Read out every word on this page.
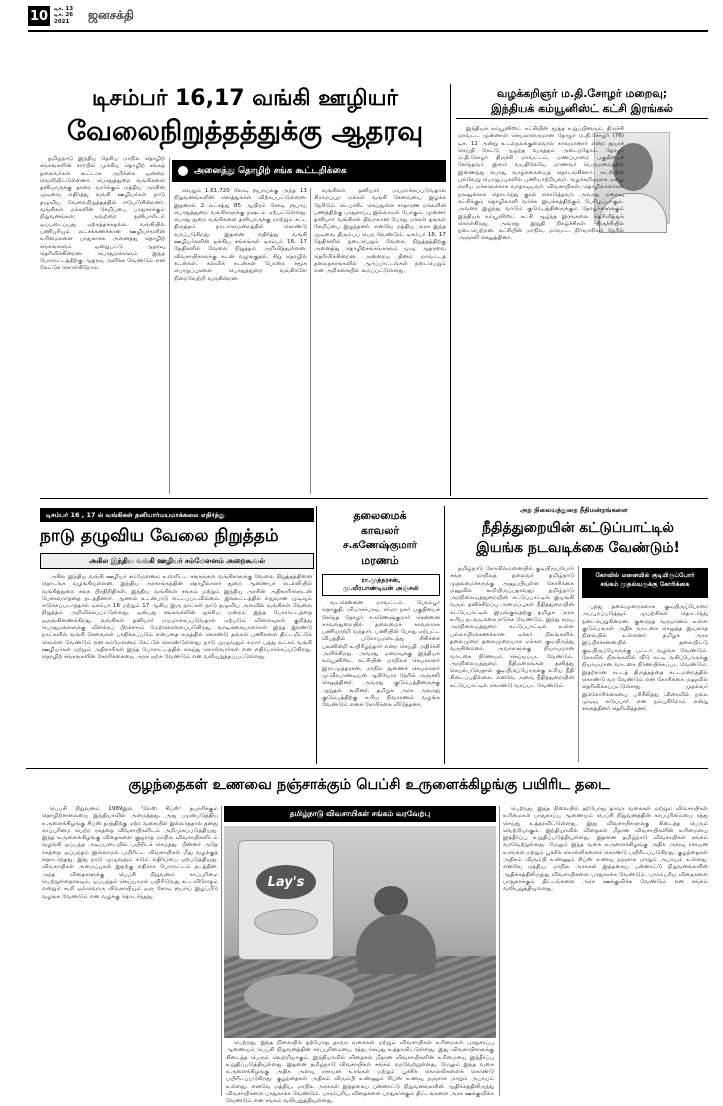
10	டிச. 13
டிச. 26
2021	ஜனசக்தி
டிசம்பர் 16,17 வங்கி ஊழியர்
வேலைநிறுத்தத்துக்கு ஆதரவு

தமிழ்நாடு இந்திய தேசிய மாநில தொழிற் சங்கங்களின் சார்பில் முக்கிய தொழிற் சங்கத் தலைவர்கள் கூட்டாக அறிக்கை ஒன்றை வெளியிட்டுள்ளனர். பொதுத்துறை வங்கிகளை தனியாருக்கு தாரை வார்க்கும் மத்திய அரசின் முடிவை எதிர்த்து வங்கி ஊழியர்கள் நாடு தழுவிய வேலைநிறுத்தத்தில் ஈடுபடுகின்றனர். வங்கிகள் மக்களின் சேமிப்பை பாதுகாக்கும் நிறுவனங்கள்; அவற்றை தனியாரிடம் ஒப்படைப்பது ஏற்கத்தக்கதல்ல. வங்கியில் பணிபுரியும் லட்சக்கணக்கான ஊழியர்களின் உரிமைகளை பாதுகாக்க அனைத்து தொழிற் சங்கங்களும் ஒன்றுபட்டு ஆதரவு தெரிவிக்கின்றன. பொதுமக்களும் இந்த போராட்டத்திற்கு ஆதரவு அளிக்க வேண்டும் என கேட்டுக் கொள்கிறோம்.

அனைத்து தொழிற் சங்க கூட்டறிக்கை

வெறும் 1,61,720 கோடி ரூபாய்க்கு அந்த 13 நிறுவனங்களின் சொத்துக்கள் விற்கப்பட்டுள்ளன. இதனால் 2 லட்சத்து 85 ஆயிரம் கோடி ரூபாய் பொதுத்துறை வங்கிகளுக்கு நஷ்டம் ஏற்பட்டுள்ளது. பொது துறை வங்கிகளை தனியாருக்கு மாற்றும் சட்ட திருத்தம் நாடாளுமன்றத்தில் கொண்டு வரப்படுகிறது. இதனை எதிர்த்து வங்கி ஊழியர்களின் ஐக்கிய சங்கங்கள் டிசம்பர் 16, 17 தேதிகளில் வேலை நிறுத்தம் அறிவித்துள்ளன. விவசாயிகளுக்கு கடன் வழங்குதல், சிறு தொழில் கடன்கள், கல்விக் கடன்கள் போன்ற சமூக பொறுப்புகளை பொதுத்துறை வங்கிகளே நிறைவேற்றி வருகின்றன.

வங்கிகள் தனியார் மயமாக்கப்படுவதால் கிராமப்புற மக்கள் வங்கி சேவையை இழக்க நேரிடும். டெபாசிட் செய்துள்ள சாதாரண மக்களின் பணத்திற்கு பாதுகாப்பு இல்லாமல் போகும். முன்னர் தனியார் வங்கிகள் திவாலான போது மக்கள் தங்கள் சேமிப்பை இழந்தனர். எனவே மத்திய அரசு இந்த முடிவை திரும்பப் பெற வேண்டும். டிசம்பர் 16, 17 தேதிகளில் நடைபெறும் வேலை நிறுத்தத்திற்கு அனைத்து தொழிற்சங்கங்களும் முழு ஆதரவை தெரிவிக்கின்றன. அன்றைய தினம் மாவட்டத் தலைநகரங்களில் ஆர்ப்பாட்டங்கள் நடைபெறும் என அறிக்கையில் கூறப்பட்டுள்ளது.

வழக்கறிஞர் ம.தி.சோழர் மறைவு;
இந்தியக் கம்யூனிஸ்ட் கட்சி இரங்கல்

இந்தியக் கம்யூனிஸ்ட் கட்சியின் மூத்த உறுப்பினரும், திருச்சி மாவட்ட முன்னாள் செயலாளருமான தோழர் ம.தி.சோழர் (76) டிச. 12 அன்று உடல்நலக்குறைவால் காலமானார் என்ற துயரச் செய்தி கேட்டு ஆழ்ந்த வருத்தம் அடைந்தோம். தோழர் ம.தி.சோழர் திருச்சி மாவட்டம், மணப்பாறை பகுதியைச் சேர்ந்தவர். இளம் வயதிலேயே மாணவர் பெருமன்றத்தில் இணைந்து பொது வாழ்க்கையைத் தொடங்கினார். கட்சியின் பல்வேறு பொறுப்புகளில் பணியாற்றியவர். வழக்கறிஞராக ஏழை எளிய மக்களுக்காக வாதாடியவர். விவசாயிகள், தொழிலாளர்கள் நலனுக்காக தொடர்ந்து குரல் கொடுத்தவர். அவரது மறைவு கட்சிக்கும் தொழிலாளி வர்க்க இயக்கத்திற்கும் பேரிழப்பாகும். அவரை இழந்து வாடும் குடும்பத்தினருக்கும் தோழர்களுக்கும் இந்தியக் கம்யூனிஸ்ட் கட்சி ஆழ்ந்த இரங்கலை தெரிவித்துக் கொள்கிறது. அவரது இறுதி நிகழ்ச்சிகள் திருச்சியில் நடைபெற்றன. கட்சியின் மாநில, மாவட்ட நிர்வாகிகள் நேரில் அஞ்சலி செலுத்தினர்.

டிசம்பர் 16 , 17 ல் வங்கிகள் தனியார்மயமாக்கலை எதிர்த்து
நாடு தழுவிய வேலை நிறுத்தம்
அகில இந்திய வங்கி ஊழியர் சம்மேளனம் அறைகூவல்

அகில இந்திய வங்கி ஊழியர் சம்மேளனம் உள்ளிட்ட சங்கங்கள் வங்கிகளுக்கு வேலை நிறுத்தத்தினை தொடங்க வழங்கியுள்ளன. இந்திய அரசாங்கத்தின் தொழிலாளர் துறை ஆணையர் டெல்லியில் வங்கித்துறை சங்க பிரதிநிதிகள், இந்திய வங்கிகள் சங்கம் மற்றும் இந்திய அரசின் அதிகாரிகளுடன் பேச்சுவார்த்தை நடத்தினார். ஆனால் உடன்பாடு எட்டப்படவில்லை. இக்கூட்டத்தில் எதுவான முடிவும் எடுக்கப்படாததால் டிசம்பர் 16 மற்றும் 17 ஆகிய இரு நாட்கள் நாடு தழுவிய அளவில் வங்கிகள் வேலை நிறுத்தம் அறிவிக்கப்பட்டுள்ளது. ஒன்பது சங்கங்களின் ஐக்கிய மன்றம் இந்த போராட்டத்தை ஒருங்கிணைக்கிறது. வங்கிகள் தனியார் மயமாக்கப்படுவதால் ஏற்படும் விளைவுகள் குறித்து பொதுமக்களுக்கு விளக்கப் பிரச்சாரம் மேற்கொள்ளப்படுகிறது. வாடிக்கையாளர்கள் இந்த இரண்டு நாட்களில் வங்கி சேவைகள் பாதிக்கப்படும் என்பதை கருத்தில் கொண்டு தங்கள் பணிகளை திட்டமிட்டுக் கொள்ள வேண்டும் என சம்மேளனம் கேட்டுக் கொண்டுள்ளது. நாடு முழுவதும் சுமார் பத்து லட்சம் வங்கி ஊழியர்கள் மற்றும் அதிகாரிகள் இந்த போராட்டத்தில் கலந்து கொள்வார்கள் என எதிர்பார்க்கப்படுகிறது. தொழிற் சங்கங்களின் கோரிக்கையை அரசு ஏற்க வேண்டும் என வலியுறுத்தப்பட்டுள்ளது.

தலைமைக்
காவலர்
ச.கணேஷ்குமார்
மரணம்
ரா.முத்தரசன்,
மு.வீரபாண்டியன் அஞ்சலி

வடசென்னை மாவட்டம், பேரம்பூர் தொகுதி, வியாசர்பாடி, சர்மா நகர் பகுதியைச் சேர்ந்த தோழர் ச.கணேஷ்குமார் சென்னை காவல்துறையில் தலைமைக் காவலராக பணியாற்றி வந்தார். பணியின் போது ஏற்பட்ட விபத்தில் படுகாயமடைந்து சிகிச்சை பலனின்றி உயிரிழந்தார் என்ற செய்தி அதிர்ச்சி அளிக்கிறது. அவரது மறைவுக்கு இந்தியக் கம்யூனிஸ்ட் கட்சியின் மாநிலச் செயலாளர் இரா.முத்தரசன், மாநில துணைச் செயலாளர் மு.வீரபாண்டியன் ஆகியோர் நேரில் அஞ்சலி செலுத்தினர். அவரது குடும்பத்தினருக்கு ஆறுதல் கூறினர். தமிழக அரசு அவரது குடும்பத்திற்கு உரிய நிவாரணம் வழங்க வேண்டும் எனக் கோரிக்கை விடுத்தனர்.

அற நிலையத்துறை நீதிமன்றங்களை
நீதித்துறையின் கட்டுப்பாட்டில்
இயங்க நடவடிக்கை வேண்டும்!

தமிழ்நாடு கோவில்மனையில் குடியிருப்போர் சங்க மாநிலத் தலைவர் தமிழ்நாடு முதலமைச்சருக்கு அனுப்பியுள்ள கோரிக்கை மனுவில் கூறியிருப்பதாவது: தமிழ்நாடு அறநிலையத்துறையின் கட்டுப்பாட்டில் இயங்கி வரும் தனிச்சிறப்பு அமைப்புகள் நீதித்துறையின் கட்டுப்பாட்டில் இயங்குவதற்கு தமிழக அரசு உரிய நடவடிக்கை எடுக்க வேண்டும். இந்து சமய அறநிலையத்துறை கட்டுப்பாட்டில் உள்ள பல்லாயிரக்கணக்கான ஏக்கர் நிலங்களில் தலைமுறை தலைமுறையாக மக்கள் குடியிருந்து வருகின்றனர். அவர்களுக்கு நியாயமான வாடகை நிர்ணயம் செய்யப்பட வேண்டும். அறநிலையத்துறை நீதிமன்றங்கள் தனித்து செயல்படுவதால் குடியிருப்போருக்கு உரிய நீதி கிடைப்பதில்லை. எனவே அவை நீதித்துறையின் கட்டுப்பாட்டில் கொண்டு வரப்பட வேண்டும்.

கோவில் மனையில் குடியிருப்போர் சங்கம் முதல்வருக்கு கோரிக்கை

பத்து தலைமுறைகளாக குடியிருப்போரை அப்புறப்படுத்தும் முயற்சிகள் தொடர்ந்து நடைபெறுகின்றன. குறைந்த வருமானம் உள்ள குடும்பங்கள் அதிக வாடகை செலுத்த இயலாத நிலையில் உள்ளனர். தமிழக அரசு இப்பிரச்சனையில் தலையிட்டு குடியிருப்போருக்கு பட்டா வழங்க வேண்டும். கோவில் நிலங்களில் வீடு கட்டி வசிப்போருக்கு நியாயமான வாடகை நிர்ணயிக்கப்பட வேண்டும். இதற்கான சட்டத் திருத்தத்தை சட்டமன்றத்தில் கொண்டு வர வேண்டும் என கோரிக்கை மனுவில் தெரிவிக்கப்பட்டுள்ளது. முதல்வர் இக்கோரிக்கையை பரிசீலித்து விரைவில் நல்ல முடிவு எடுப்பார் என நம்புகிறோம் என்று சங்கத்தினர் தெரிவித்தனர்.

குழந்தைகள் உணவை நஞ்சாக்கும் பெப்சி உருளைக்கிழங்கு பயிரிட தடை

பெப்சி நிறுவனம் 1989இல் 'லேஸ் சிப்ஸ்' தயாரிக்கும் தொழிற்சாலையை இந்தியாவில் அமைத்தது. அது பயன்படுத்திய உருளைக்கிழங்கு சிப்ஸ் தரத்திற்கு ஏற்ற வகையில் இல்லாததால் தனது காப்புரிமை பெற்ற ரகத்தை விவசாயிகளிடம் அறிமுகப்படுத்தியது. இந்த உருளைக்கிழங்கு விதைகளை குஜராத் மாநில விவசாயிகளிடம் வழங்கி ஒப்பந்த அடிப்படையில் பயிரிடச் செய்தது. பின்னர் அதே ரகத்தை ஒப்பந்தம் இல்லாமல் பயிரிட்ட விவசாயிகள் மீது வழக்குத் தொடர்ந்தது. இது நாடு முழுவதும் கடும் எதிர்ப்பை ஏற்படுத்தியது. விவசாயிகள் அமைப்புகள் இதற்கு எதிராக போராட்டம் நடத்தின. அந்த விதைகளுக்கு பெப்சி நிறுவனம் காப்புரிமை பெற்றுள்ளதாகவும், ஒப்பந்தம் செய்யாமல் பயிரிடுவது சட்டவிரோதம் என்றும் கூறி ஒவ்வொரு விவசாயியும் ஒரு கோடி ரூபாய் இழப்பீடு வழங்க வேண்டும் என வழக்கு தொடர்ந்தது.

தமிழ்நாடு விவசாயிகள் சங்கம் வரவேற்பு
Lay's

பெற்றது. இந்த நிலையில் தற்போது தாவர வகைகள் மற்றும் விவசாயிகள் உரிமைகள் பாதுகாப்பு ஆணையம் பெப்சி நிறுவனத்தின் காப்புரிமையை ரத்து செய்து உத்தரவிட்டுள்ளது. இது விவசாயிகளுக்கு கிடைத்த பெரும் வெற்றியாகும். இந்தியாவில் விதைகள் மீதான விவசாயிகளின் உரிமையை இத்தீர்ப்பு உறுதிப்படுத்தியுள்ளது. இதனை தமிழ்நாடு விவசாயிகள் சங்கம் வரவேற்றுள்ளது. மேலும் இந்த வகை உருளைக்கிழங்கு அதிக அளவு ரசாயன உரங்கள் மற்றும் பூச்சிக் கொல்லிகளைக் கொண்டு பயிரிடப்படுகிறது. குழந்தைகள் அதிகம் விரும்பி உண்ணும் சிப்ஸ் உணவு நஞ்சாக மாறும் அபாயம் உள்ளது. எனவே மத்திய, மாநில அரசுகள் இத்தகைய பன்னாட்டு நிறுவனங்களின் ஆதிக்கத்திலிருந்து விவசாயிகளை பாதுகாக்க வேண்டும். பாரம்பரிய விதைகளை பாதுகாக்கும் திட்டங்களை அரசு ஊக்குவிக்க வேண்டும் என சங்கம் வலியுறுத்தியுள்ளது.

பெற்றது. இந்த நிலையில் தற்போது தாவர வகைகள் மற்றும் விவசாயிகள் உரிமைகள் பாதுகாப்பு ஆணையம் பெப்சி நிறுவனத்தின் காப்புரிமையை ரத்து செய்து உத்தரவிட்டுள்ளது. இது விவசாயிகளுக்கு கிடைத்த பெரும் வெற்றியாகும். இந்தியாவில் விதைகள் மீதான விவசாயிகளின் உரிமையை இத்தீர்ப்பு உறுதிப்படுத்தியுள்ளது. இதனை தமிழ்நாடு விவசாயிகள் சங்கம் வரவேற்றுள்ளது. மேலும் இந்த வகை உருளைக்கிழங்கு அதிக அளவு ரசாயன உரங்கள் மற்றும் பூச்சிக் கொல்லிகளைக் கொண்டு பயிரிடப்படுகிறது. குழந்தைகள் அதிகம் விரும்பி உண்ணும் சிப்ஸ் உணவு நஞ்சாக மாறும் அபாயம் உள்ளது. எனவே மத்திய, மாநில அரசுகள் இத்தகைய பன்னாட்டு நிறுவனங்களின் ஆதிக்கத்திலிருந்து விவசாயிகளை பாதுகாக்க வேண்டும். பாரம்பரிய விதைகளை பாதுகாக்கும் திட்டங்களை அரசு ஊக்குவிக்க வேண்டும் என சங்கம் வலியுறுத்தியுள்ளது.
